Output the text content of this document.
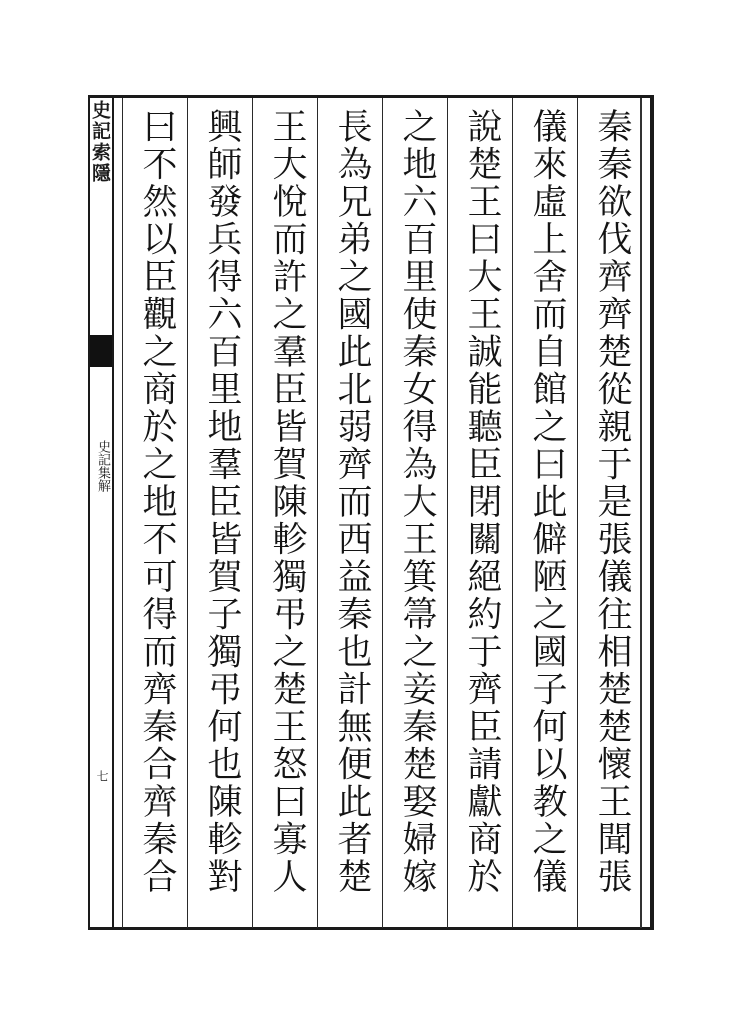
史記索隱
史記集解
七	秦秦欲伐齊齊楚從親于是張儀往相楚楚懷王聞張
儀來虛上舍而自館之曰此僻陋之國子何以教之儀
說楚王曰大王誠能聽臣閉關絕約于齊臣請獻商於
之地六百里使秦女得為大王箕箒之妾秦楚娶婦嫁
長為兄弟之國此北弱齊而西益秦也計無便此者楚
王大悅而許之羣臣皆賀陳軫獨弔之楚王怒曰寡人
興師發兵得六百里地羣臣皆賀子獨弔何也陳軫對
曰不然以臣觀之商於之地不可得而齊秦合齊秦合
